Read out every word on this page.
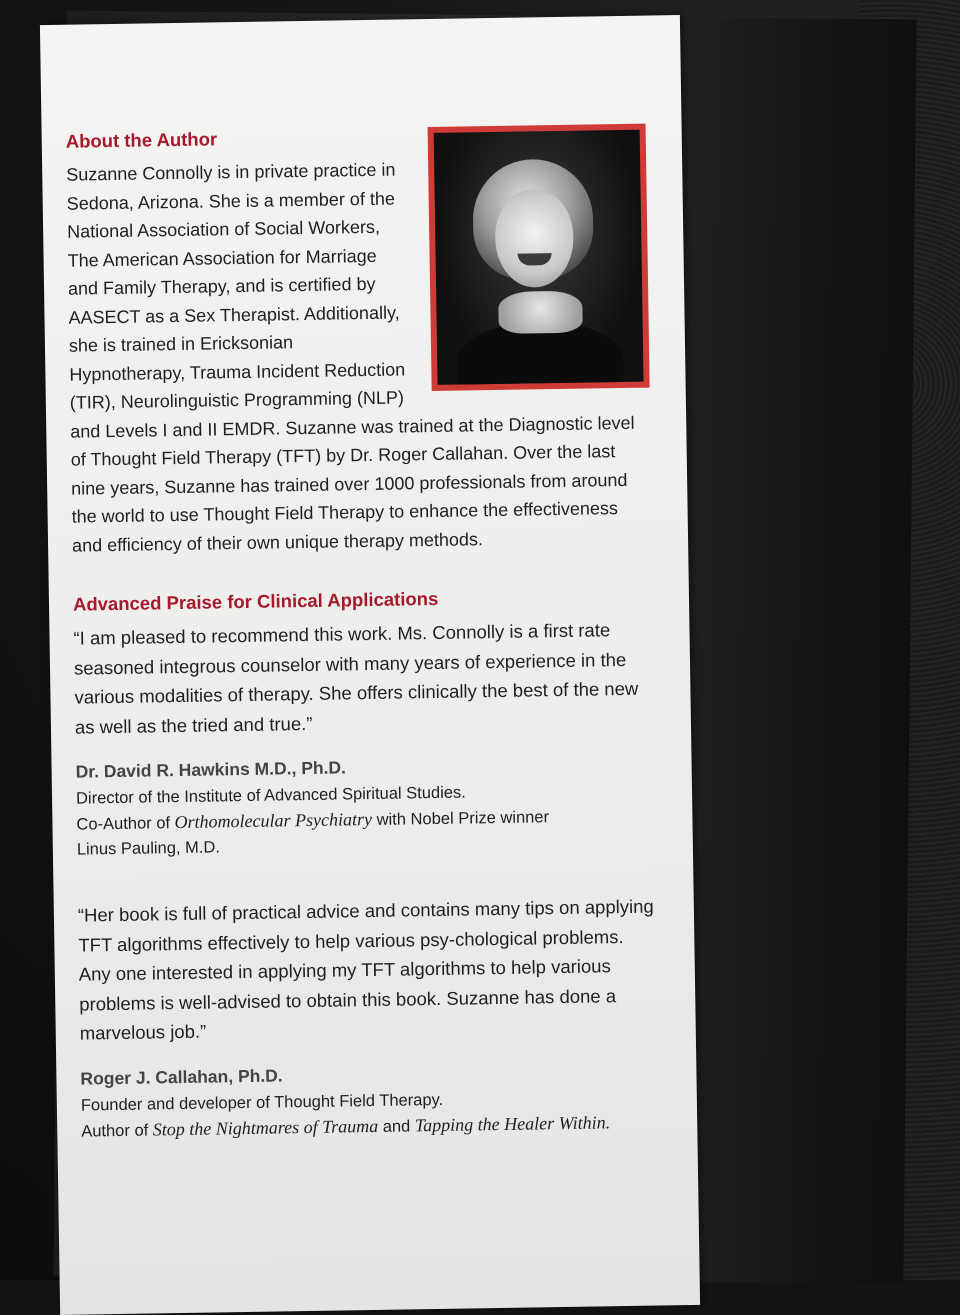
About the Author

Suzanne Connolly is in private practice in Sedona, Arizona. She is a member of the National Association of Social Workers, The American Association for Marriage and Family Therapy, and is certified by AASECT as a Sex Therapist. Additionally, she is trained in Ericksonian Hypnotherapy, Trauma Incident Reduction (TIR), Neurolinguistic Programming (NLP) and Levels I and II EMDR. Suzanne was trained at the Diagnostic level of Thought Field Therapy (TFT) by Dr. Roger Callahan. Over the last nine years, Suzanne has trained over 1000 professionals from around the world to use Thought Field Therapy to enhance the effectiveness and efficiency of their own unique therapy methods.

Advanced Praise for Clinical Applications

“I am pleased to recommend this work. Ms. Connolly is a first rate seasoned integrous counselor with many years of experience in the various modalities of therapy. She offers clinically the best of the new as well as the tried and true.”

Dr. David R. Hawkins M.D., Ph.D.

Director of the Institute of Advanced Spiritual Studies.

Co-Author of Orthomolecular Psychiatry with Nobel Prize winner

Linus Pauling, M.D.

“Her book is full of practical advice and contains many tips on applying TFT algorithms effectively to help various psy-chological problems. Any one interested in applying my TFT algorithms to help various problems is well-advised to obtain this book. Suzanne has done a marvelous job.”

Roger J. Callahan, Ph.D.

Founder and developer of Thought Field Therapy.

Author of Stop the Nightmares of Trauma and Tapping the Healer Within.
